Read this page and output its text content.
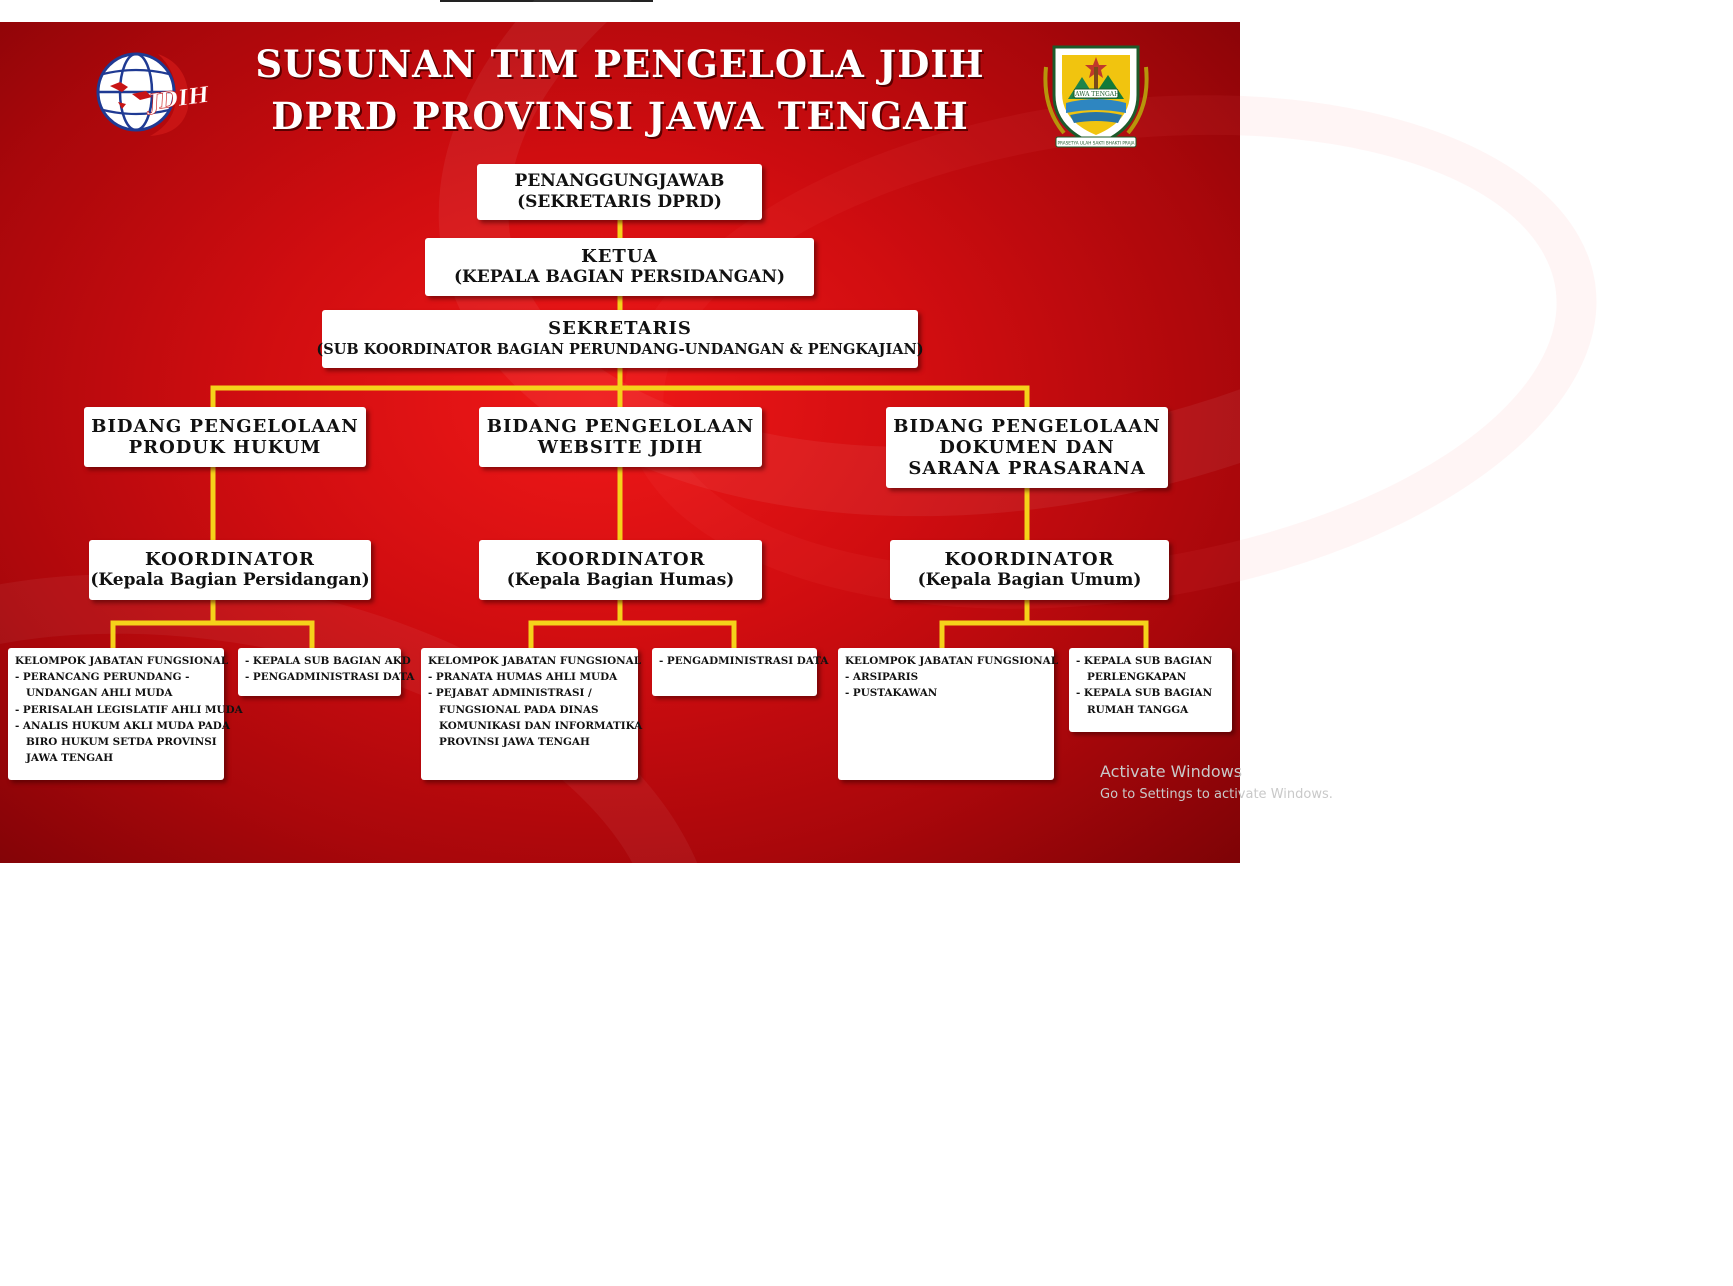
JDIH	JAWA TENGAH
PRASETYA ULAH SAKTI BHAKTI PRAJA
SUSUNAN TIM PENGELOLA JDIH
DPRD PROVINSI JAWA TENGAH
PENANGGUNGJAWAB
(SEKRETARIS DPRD)
KETUA
(KEPALA BAGIAN PERSIDANGAN)
SEKRETARIS
(SUB KOORDINATOR BAGIAN PERUNDANG-UNDANGAN & PENGKAJIAN)
BIDANG PENGELOLAAN
PRODUK HUKUM
BIDANG PENGELOLAAN
WEBSITE JDIH
BIDANG PENGELOLAAN
DOKUMEN DAN
SARANA PRASARANA
KOORDINATOR
(Kepala Bagian Persidangan)
KOORDINATOR
(Kepala Bagian Humas)
KOORDINATOR
(Kepala Bagian Umum)
KELOMPOK JABATAN FUNGSIONAL
- PERANCANG PERUNDANG -
UNDANGAN AHLI MUDA
- PERISALAH LEGISLATIF AHLI MUDA
- ANALIS HUKUM AKLI MUDA PADA
BIRO HUKUM SETDA PROVINSI
JAWA TENGAH
- KEPALA SUB BAGIAN AKD
- PENGADMINISTRASI DATA
KELOMPOK JABATAN FUNGSIONAL
- PRANATA HUMAS AHLI MUDA
- PEJABAT ADMINISTRASI /
FUNGSIONAL PADA DINAS
KOMUNIKASI DAN INFORMATIKA
PROVINSI JAWA TENGAH
- PENGADMINISTRASI DATA KELOMPOK JABATAN FUNGSIONAL
- ARSIPARIS
- PUSTAKAWAN
- KEPALA SUB BAGIAN
PERLENGKAPAN
- KEPALA SUB BAGIAN
RUMAH TANGGA
Activate Windows
Go to Settings to activate Windows.
